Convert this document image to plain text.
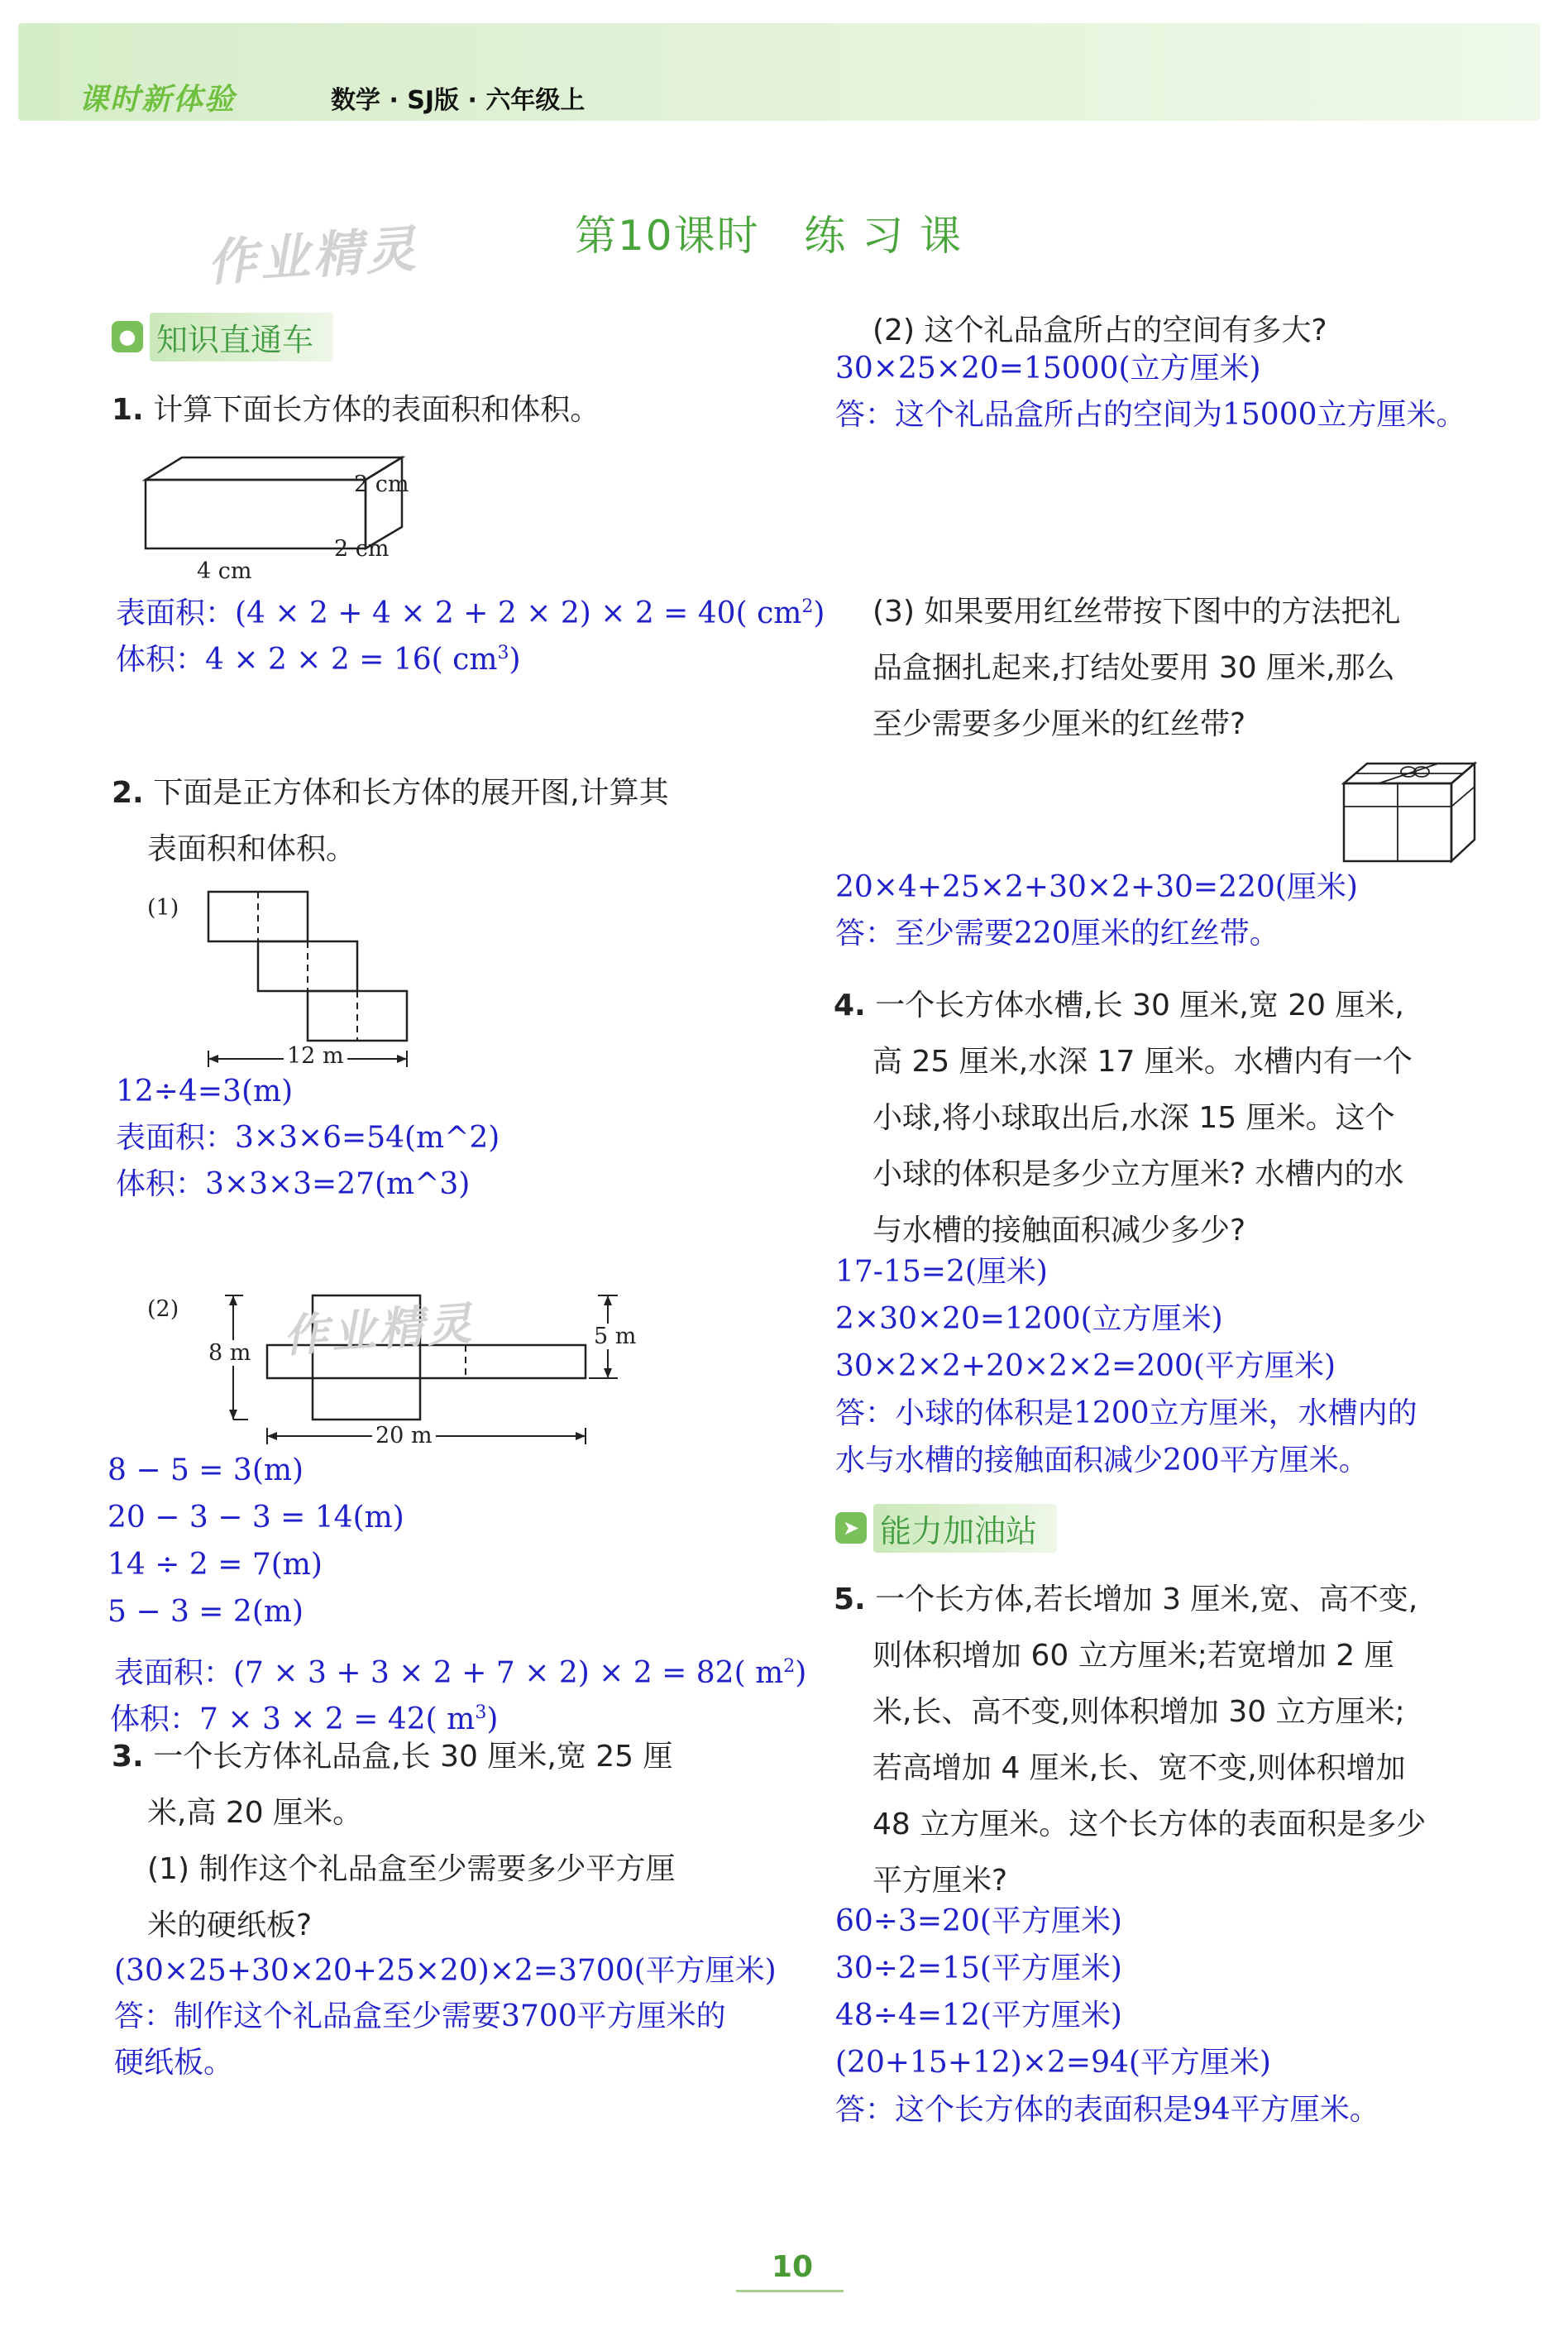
课时新体验	数学 · SJ版 · 六年级上
第10课时   练 习 课
作业精灵
● 知识直通车
1. 计算下面长方体的表面积和体积。
2 cm
2 cm
4 cm
表面积：(4 × 2 + 4 × 2 + 2 × 2) × 2 = 40( $cm^2$)
体积：4 × 2 × 2 = 16( $cm^3$)
2. 下面是正方体和长方体的展开图,计算其
表面积和体积。
(1)
12 m
12÷4=3(m)
表面积：3×3×6=54(m^2)
体积：3×3×3=27(m^3)
(2) 作业精灵
8 m
5 m
20 m
8 − 5 = 3(m)
20 − 3 − 3 = 14(m)
14 ÷ 2 = 7(m)
5 − 3 = 2(m)
表面积：(7 × 3 + 3 × 2 + 7 × 2) × 2 = 82( $m^2$)
体积：7 × 3 × 2 = 42( $m^3$)
3. 一个长方体礼品盒,长 30 厘米,宽 25 厘
米,高 20 厘米。
(1) 制作这个礼品盒至少需要多少平方厘
米的硬纸板?
(30×25+30×20+25×20)×2=3700(平方厘米)
答：制作这个礼品盒至少需要3700平方厘米的
硬纸板。
(2) 这个礼品盒所占的空间有多大?
30×25×20=15000(立方厘米)
答：这个礼品盒所占的空间为15000立方厘米。
(3) 如果要用红丝带按下图中的方法把礼
品盒捆扎起来,打结处要用 30 厘米,那么
至少需要多少厘米的红丝带?
20×4+25×2+30×2+30=220(厘米)
答：至少需要220厘米的红丝带。
4. 一个长方体水槽,长 30 厘米,宽 20 厘米,
高 25 厘米,水深 17 厘米。水槽内有一个
小球,将小球取出后,水深 15 厘米。这个
小球的体积是多少立方厘米? 水槽内的水
与水槽的接触面积减少多少?
17-15=2(厘米)
2×30×20=1200(立方厘米)
30×2×2+20×2×2=200(平方厘米)
答：小球的体积是1200立方厘米，水槽内的
水与水槽的接触面积减少200平方厘米。
➤ 能力加油站
5. 一个长方体,若长增加 3 厘米,宽、高不变,
则体积增加 60 立方厘米;若宽增加 2 厘
米,长、高不变,则体积增加 30 立方厘米;
若高增加 4 厘米,长、宽不变,则体积增加
48 立方厘米。这个长方体的表面积是多少
平方厘米?
60÷3=20(平方厘米)
30÷2=15(平方厘米)
48÷4=12(平方厘米)
(20+15+12)×2=94(平方厘米)
答：这个长方体的表面积是94平方厘米。
10
